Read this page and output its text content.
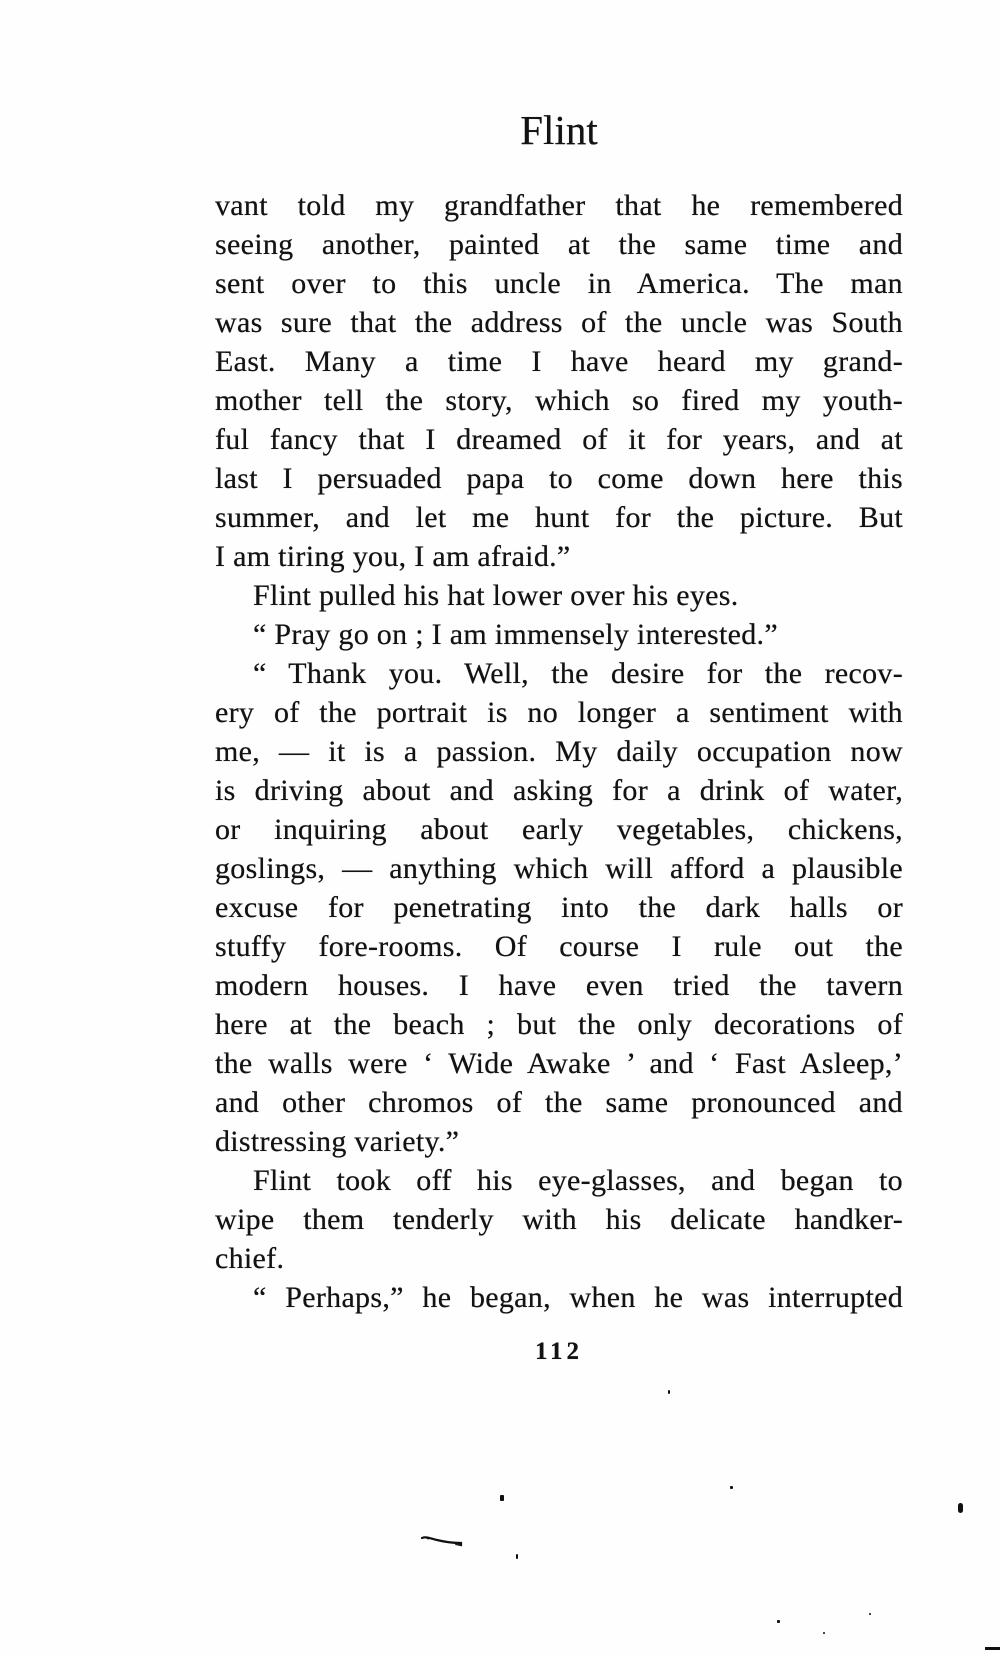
Flint
vant told my grandfather that he remembered
seeing another, painted at the same time and
sent over to this uncle in America. The man
was sure that the address of the uncle was South
East. Many a time I have heard my grand-
mother tell the story, which so fired my youth-
ful fancy that I dreamed of it for years, and at
last I persuaded papa to come down here this
summer, and let me hunt for the picture. But
I am tiring you, I am afraid.”
Flint pulled his hat lower over his eyes.
“ Pray go on ; I am immensely interested.”
“ Thank you. Well, the desire for the recov-
ery of the portrait is no longer a sentiment with
me, — it is a passion. My daily occupation now
is driving about and asking for a drink of water,
or inquiring about early vegetables, chickens,
goslings, — anything which will afford a plausible
excuse for penetrating into the dark halls or
stuffy fore-rooms. Of course I rule out the
modern houses. I have even tried the tavern
here at the beach ; but the only decorations of
the walls were ‘ Wide Awake ’ and ‘ Fast Asleep,’
and other chromos of the same pronounced and
distressing variety.”
Flint took off his eye-glasses, and began to
wipe them tenderly with his delicate handker-
chief.
“ Perhaps,” he began, when he was interrupted
112
